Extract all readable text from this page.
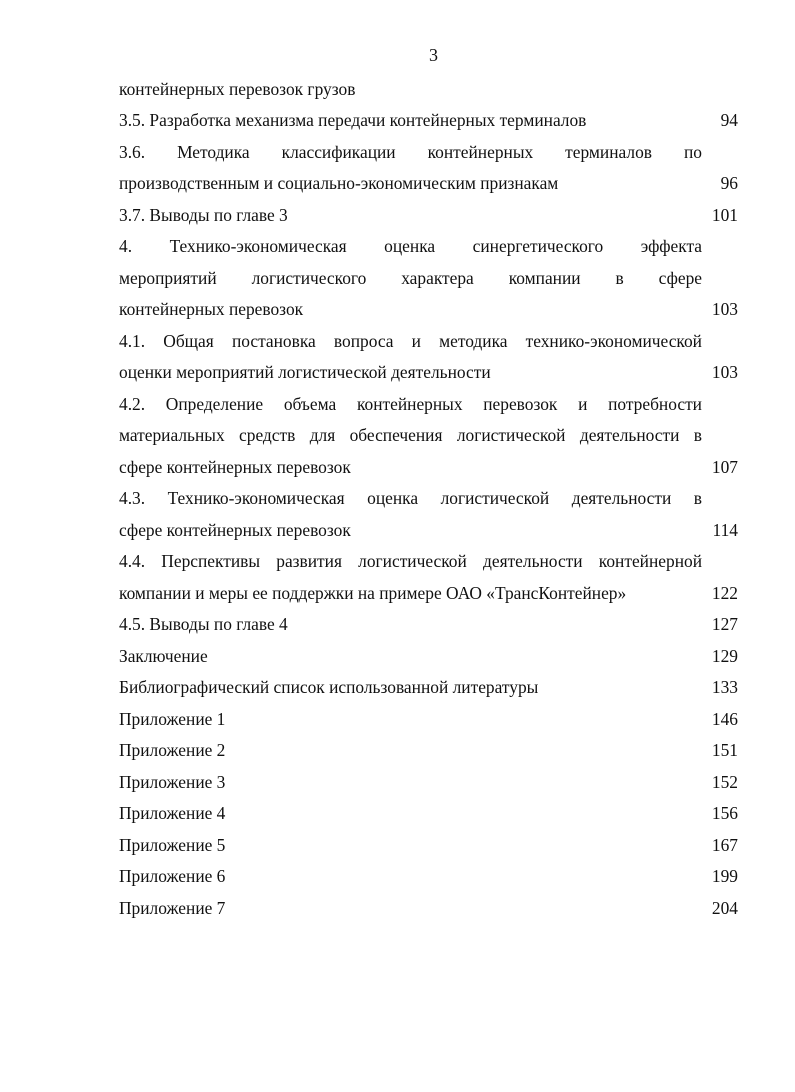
3
контейнерных перевозок грузов
3.5. Разработка механизма передачи контейнерных терминалов	94
3.6. Методика классификации контейнерных терминалов по
производственным и социально-экономическим признакам	96
3.7. Выводы по главе 3	101
4. Технико-экономическая оценка синергетического эффекта
мероприятий логистического характера компании в сфере
контейнерных перевозок	103
4.1. Общая постановка вопроса и методика технико-экономической
оценки мероприятий логистической деятельности	103
4.2. Определение объема контейнерных перевозок и потребности
материальных средств для обеспечения логистической деятельности в
сфере контейнерных перевозок	107
4.3. Технико-экономическая оценка логистической деятельности в
сфере контейнерных перевозок	114
4.4. Перспективы развития логистической деятельности контейнерной
компании и меры ее поддержки на примере ОАО «ТрансКонтейнер»	122
4.5. Выводы по главе 4	127
Заключение	129
Библиографический список использованной литературы	133
Приложение 1	146
Приложение 2	151
Приложение 3	152
Приложение 4	156
Приложение 5	167
Приложение 6	199
Приложение 7	204
